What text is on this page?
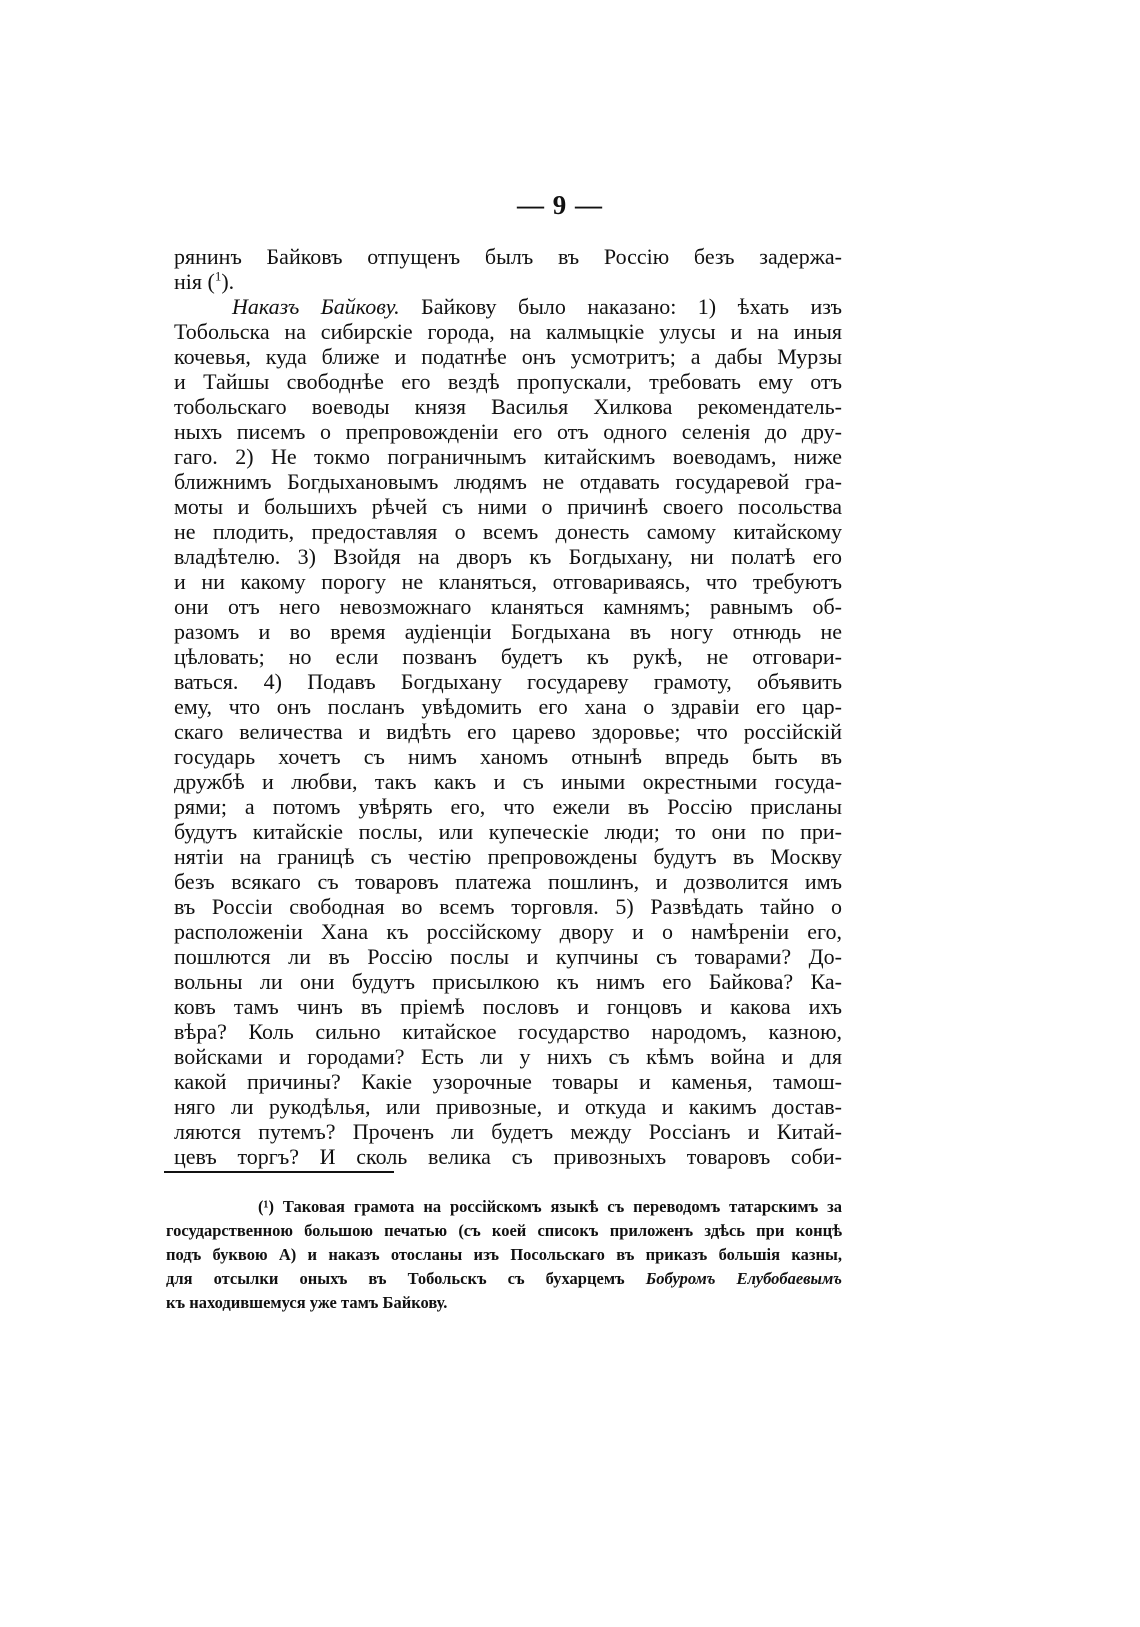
— 9 —
рянинъ Байковъ отпущенъ былъ въ Россію безъ задержа-
нія ($^1$).
Наказъ Байкову. Байкову было наказано: 1) ѣхать изъ
Тобольска на сибирскіе города, на калмыцкіе улусы и на иныя
кочевья, куда ближе и податнѣе онъ усмотритъ; а дабы Мурзы
и Тайшы свободнѣе его вездѣ пропускали, требовать ему отъ
тобольскаго воеводы князя Василья Хилкова рекомендатель-
ныхъ писемъ о препровожденіи его отъ одного селенія до дру-
гаго. 2) Не токмо пограничнымъ китайскимъ воеводамъ, ниже
ближнимъ Богдыхановымъ людямъ не отдавать государевой гра-
моты и большихъ рѣчей съ ними о причинѣ своего посольства
не плодить, предоставляя о всемъ донесть самому китайскому
владѣтелю. 3) Взойдя на дворъ къ Богдыхану, ни полатѣ его
и ни какому порогу не кланяться, отговариваясь, что требуютъ
они отъ него невозможнаго кланяться камнямъ; равнымъ об-
разомъ и во время аудіенціи Богдыхана въ ногу отнюдь не
цѣловать; но если позванъ будетъ къ рукѣ, не отговари-
ваться. 4) Подавъ Богдыхану государеву грамоту, объявить
ему, что онъ посланъ увѣдомить его хана о здравіи его цар-
скаго величества и видѣть его царево здоровье; что россійскій
государь хочетъ съ нимъ ханомъ отнынѣ впредь быть въ
дружбѣ и любви, такъ какъ и съ иными окрестными госуда-
рями; а потомъ увѣрять его, что ежели въ Россію присланы
будутъ китайскіе послы, или купеческіе люди; то они по при-
нятіи на границѣ съ честію препровождены будутъ въ Москву
безъ всякаго съ товаровъ платежа пошлинъ, и дозволится имъ
въ Россіи свободная во всемъ торговля. 5) Развѣдать тайно о
расположеніи Хана къ россійскому двору и о намѣреніи его,
пошлются ли въ Россію послы и купчины съ товарами? До-
вольны ли они будутъ присылкою къ нимъ его Байкова? Ка-
ковъ тамъ чинъ въ пріемѣ пословъ и гонцовъ и какова ихъ
вѣра? Коль сильно китайское государство народомъ, казною,
войсками и городами? Есть ли у нихъ съ кѣмъ война и для
какой причины? Какіе узорочные товары и каменья, тамош-
няго ли рукодѣлья, или привозные, и откуда и какимъ достав-
ляются путемъ? Проченъ ли будетъ между Россіанъ и Китай-
цевъ торгъ? И сколь велика съ привозныхъ товаровъ соби-
(¹) Таковая грамота на россійскомъ языкѣ съ переводомъ татарскимъ за
государственною большою печатью (съ коей списокъ приложенъ здѣсь при концѣ
подъ буквою А) и наказъ отосланы изъ Посольскаго въ приказъ большія казны,
для отсылки оныхъ въ Тобольскъ съ бухарцемъ Бобуромъ Елубобаевымъ
къ находившемуся уже тамъ Байкову.
